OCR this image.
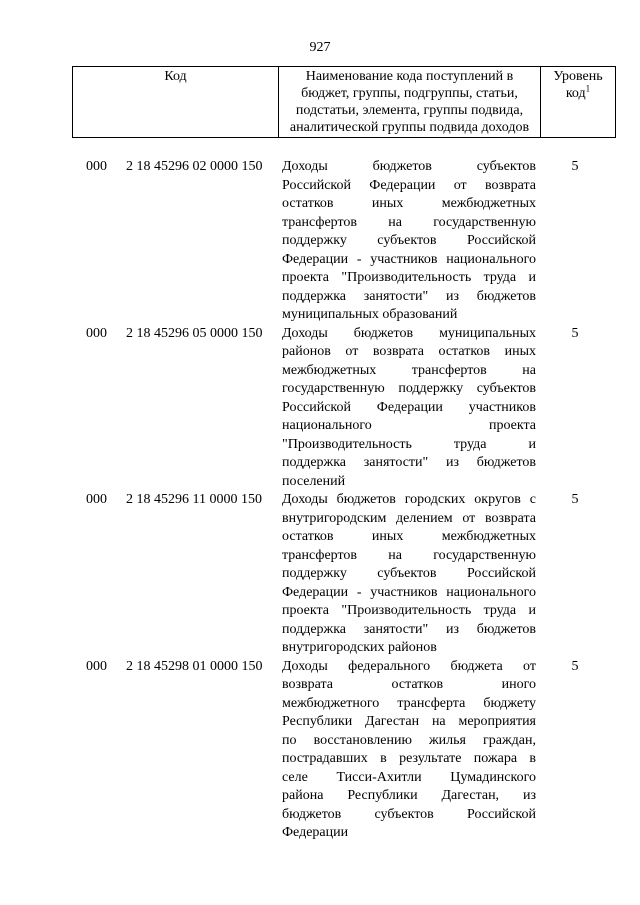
927
Код	Наименование кода поступлений в бюджет, группы, подгруппы, статьи, подстатьи, элемента, группы подвида, аналитической группы подвида доходов
Уровень
код$^1$
000 2 18 45296 02 0000 150 Доходы бюджетов субъектов
Российской Федерации от возврата
остатков иных межбюджетных
трансфертов на государственную
поддержку субъектов Российской
Федерации - участников национального
проекта "Производительность труда и
поддержка занятости" из бюджетов
муниципальных образований
5
000 2 18 45296 05 0000 150 Доходы бюджетов муниципальных
районов от возврата остатков иных
межбюджетных трансфертов на
государственную поддержку субъектов
Российской Федерации участников
национального проекта
"Производительность труда и
поддержка занятости" из бюджетов
поселений
5
000 2 18 45296 11 0000 150 Доходы бюджетов городских округов с
внутригородским делением от возврата
остатков иных межбюджетных
трансфертов на государственную
поддержку субъектов Российской
Федерации - участников национального
проекта "Производительность труда и
поддержка занятости" из бюджетов
внутригородских районов
5
000 2 18 45298 01 0000 150 Доходы федерального бюджета от
возврата остатков иного
межбюджетного трансферта бюджету
Республики Дагестан на мероприятия
по восстановлению жилья граждан,
пострадавших в результате пожара в
селе Тисси-Ахитли Цумадинского
района Республики Дагестан, из
бюджетов субъектов Российской
Федерации
5
